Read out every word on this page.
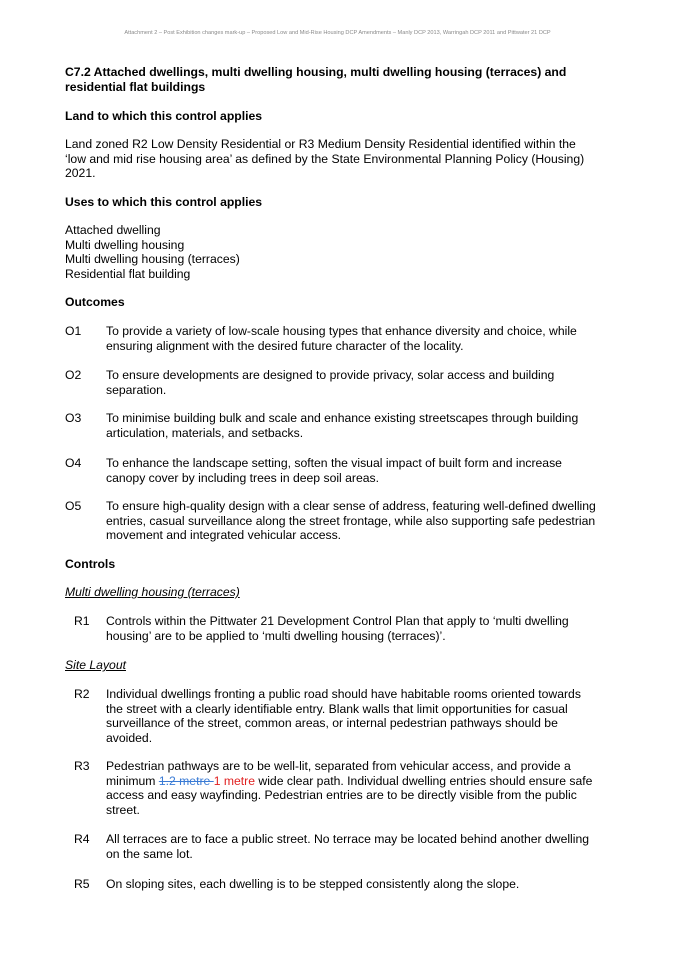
Attachment 2 – Post Exhibition changes mark-up – Proposed Low and Mid-Rise Housing DCP Amendments – Manly DCP 2013, Warringah DCP 2011 and Pittwater 21 DCP
C7.2 Attached dwellings, multi dwelling housing, multi dwelling housing (terraces) and
residential flat buildings
Land to which this control applies
Land zoned R2 Low Density Residential or R3 Medium Density Residential identified within the
‘low and mid rise housing area’ as defined by the State Environmental Planning Policy (Housing)
2021.
Uses to which this control applies
Attached dwelling
Multi dwelling housing
Multi dwelling housing (terraces)
Residential flat building
Outcomes
O1 To provide a variety of low-scale housing types that enhance diversity and choice, while
ensuring alignment with the desired future character of the locality.
O2 To ensure developments are designed to provide privacy, solar access and building
separation.
O3 To minimise building bulk and scale and enhance existing streetscapes through building
articulation, materials, and setbacks.
O4 To enhance the landscape setting, soften the visual impact of built form and increase
canopy cover by including trees in deep soil areas.
O5 To ensure high-quality design with a clear sense of address, featuring well-defined dwelling
entries, casual surveillance along the street frontage, while also supporting safe pedestrian
movement and integrated vehicular access.
Controls
Multi dwelling housing (terraces)
R1 Controls within the Pittwater 21 Development Control Plan that apply to ‘multi dwelling
housing’ are to be applied to ‘multi dwelling housing (terraces)’.
Site Layout
R2 Individual dwellings fronting a public road should have habitable rooms oriented towards
the street with a clearly identifiable entry. Blank walls that limit opportunities for casual
surveillance of the street, common areas, or internal pedestrian pathways should be
avoided.
R3 Pedestrian pathways are to be well-lit, separated from vehicular access, and provide a
minimum 1.2 metre 1 metre wide clear path. Individual dwelling entries should ensure safe
access and easy wayfinding. Pedestrian entries are to be directly visible from the public
street.
R4 All terraces are to face a public street. No terrace may be located behind another dwelling
on the same lot.
R5 On sloping sites, each dwelling is to be stepped consistently along the slope.
